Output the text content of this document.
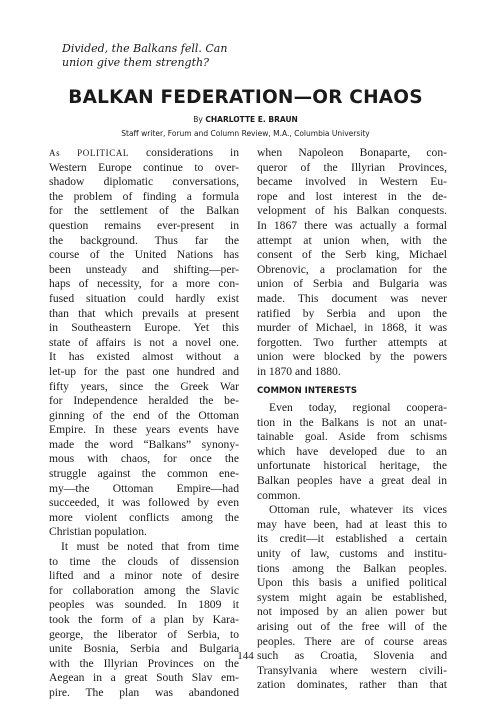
Divided, the Balkans fell. Can
union give them strength?
BALKAN FEDERATION—OR CHAOS
By CHARLOTTE E. BRAUN
Staff writer, Forum and Column Review, M.A., Columbia University
As POLITICAL considerations in
Western Europe continue to over-
shadow diplomatic conversations,
the problem of finding a formula
for the settlement of the Balkan
question remains ever-present in
the background. Thus far the
course of the United Nations has
been unsteady and shifting—per-
haps of necessity, for a more con-
fused situation could hardly exist
than that which prevails at present
in Southeastern Europe. Yet this
state of affairs is not a novel one.
It has existed almost without a
let-up for the past one hundred and
fifty years, since the Greek War
for Independence heralded the be-
ginning of the end of the Ottoman
Empire. In these years events have
made the word “Balkans” synony-
mous with chaos, for once the
struggle against the common ene-
my—the Ottoman Empire—had
succeeded, it was followed by even
more violent conflicts among the
Christian population.
It must be noted that from time
to time the clouds of dissension
lifted and a minor note of desire
for collaboration among the Slavic
peoples was sounded. In 1809 it
took the form of a plan by Kara-
george, the liberator of Serbia, to
unite Bosnia, Serbia and Bulgaria
with the Illyrian Provinces on the
Aegean in a great South Slav em-
pire. The plan was abandoned
when Napoleon Bonaparte, con-
queror of the Illyrian Provinces,
became involved in Western Eu-
rope and lost interest in the de-
velopment of his Balkan conquests.
In 1867 there was actually a formal
attempt at union when, with the
consent of the Serb king, Michael
Obrenovic, a proclamation for the
union of Serbia and Bulgaria was
made. This document was never
ratified by Serbia and upon the
murder of Michael, in 1868, it was
forgotten. Two further attempts at
union were blocked by the powers
in 1870 and 1880.
COMMON INTERESTS
Even today, regional coopera-
tion in the Balkans is not an unat-
tainable goal. Aside from schisms
which have developed due to an
unfortunate historical heritage, the
Balkan peoples have a great deal in
common.
Ottoman rule, whatever its vices
may have been, had at least this to
its credit—it established a certain
unity of law, customs and institu-
tions among the Balkan peoples.
Upon this basis a unified political
system might again be established,
not imposed by an alien power but
arising out of the free will of the
peoples. There are of course areas
such as Croatia, Slovenia and
Transylvania where western civili-
zation dominates, rather than that
144
